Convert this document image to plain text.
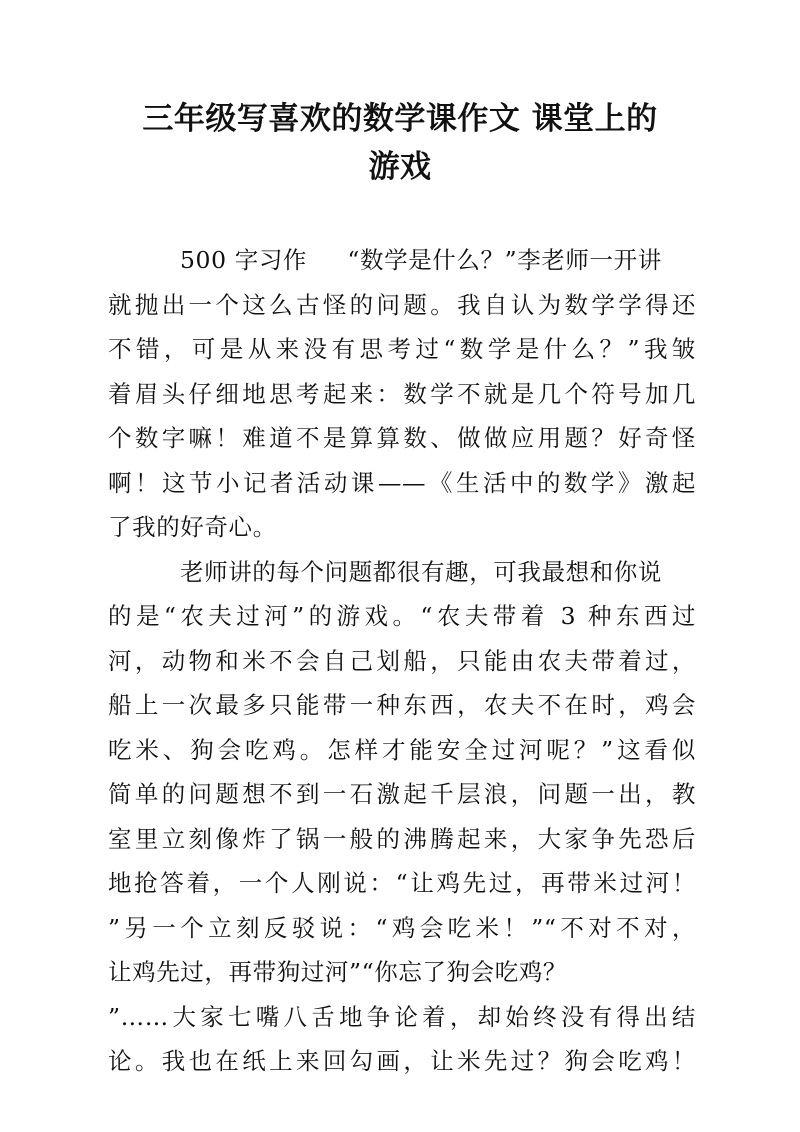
三年级写喜欢的数学课作文 课堂上的
游戏
500 字习作     “数学是什么？”李老师一开讲
就抛出一个这么古怪的问题。我自认为数学学得还
不错，可是从来没有思考过“数学是什么？”我皱
着眉头仔细地思考起来：数学不就是几个符号加几
个数字嘛！难道不是算算数、做做应用题？好奇怪
啊！这节小记者活动课——《生活中的数学》激起
了我的好奇心。
老师讲的每个问题都很有趣，可我最想和你说
的是“农夫过河”的游戏。“农夫带着 3 种东西过
河，动物和米不会自己划船，只能由农夫带着过，
船上一次最多只能带一种东西，农夫不在时，鸡会
吃米、狗会吃鸡。怎样才能安全过河呢？”这看似
简单的问题想不到一石激起千层浪，问题一出，教
室里立刻像炸了锅一般的沸腾起来，大家争先恐后
地抢答着，一个人刚说：“让鸡先过，再带米过河！
”另一个立刻反驳说：“鸡会吃米！”“不对不对，
让鸡先过，再带狗过河”“你忘了狗会吃鸡？
”……大家七嘴八舌地争论着，却始终没有得出结
论。我也在纸上来回勾画，让米先过？狗会吃鸡！
